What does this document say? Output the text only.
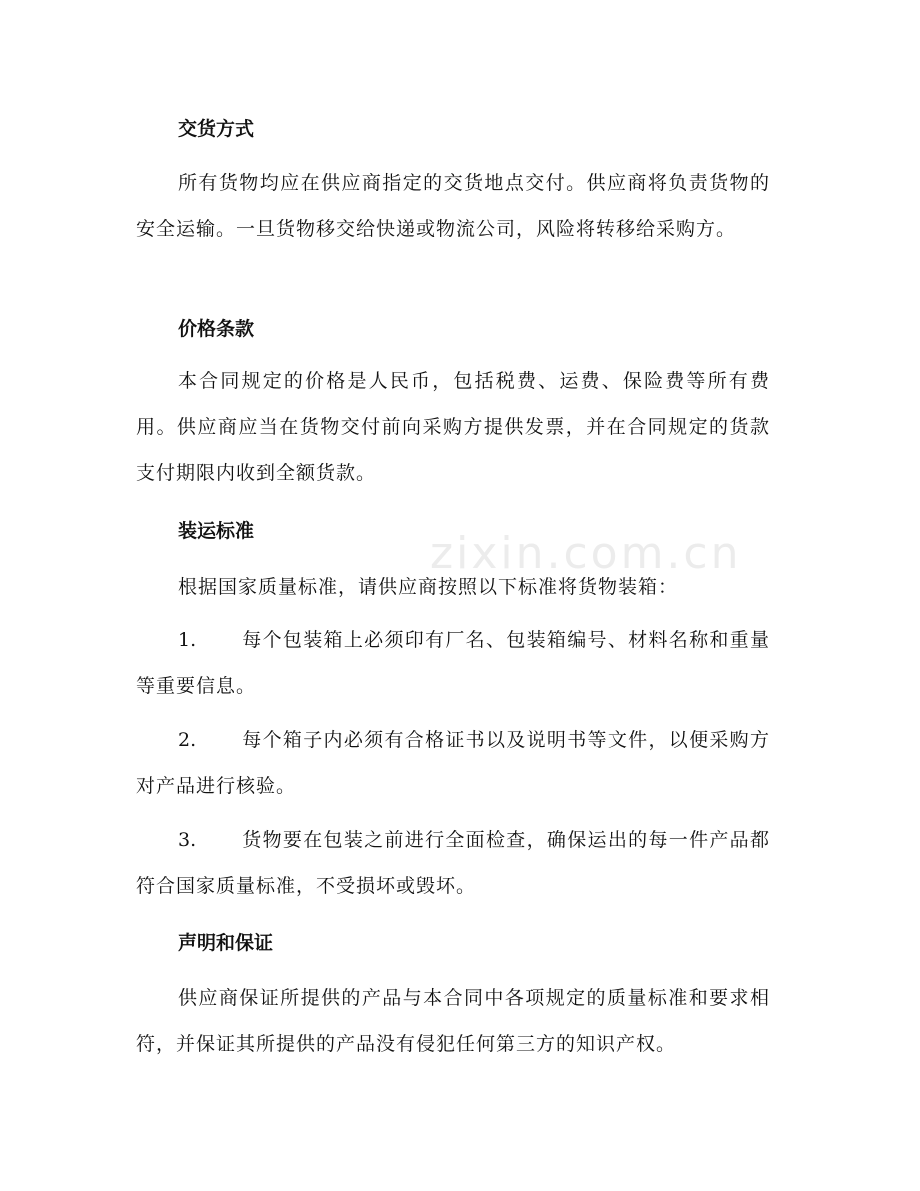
zixin.com.cn
交货方式
所有货物均应在供应商指定的交货地点交付。供应商将负责货物的安全运输。一旦货物移交给快递或物流公司，风险将转移给采购方。
价格条款
本合同规定的价格是人民币，包括税费、运费、保险费等所有费用。供应商应当在货物交付前向采购方提供发票，并在合同规定的货款支付期限内收到全额货款。
装运标准
根据国家质量标准，请供应商按照以下标准将货物装箱：
1. 每个包装箱上必须印有厂名、包装箱编号、材料名称和重量等重要信息。
2. 每个箱子内必须有合格证书以及说明书等文件，以便采购方对产品进行核验。
3. 货物要在包装之前进行全面检查，确保运出的每一件产品都符合国家质量标准，不受损坏或毁坏。
声明和保证
供应商保证所提供的产品与本合同中各项规定的质量标准和要求相符，并保证其所提供的产品没有侵犯任何第三方的知识产权。
